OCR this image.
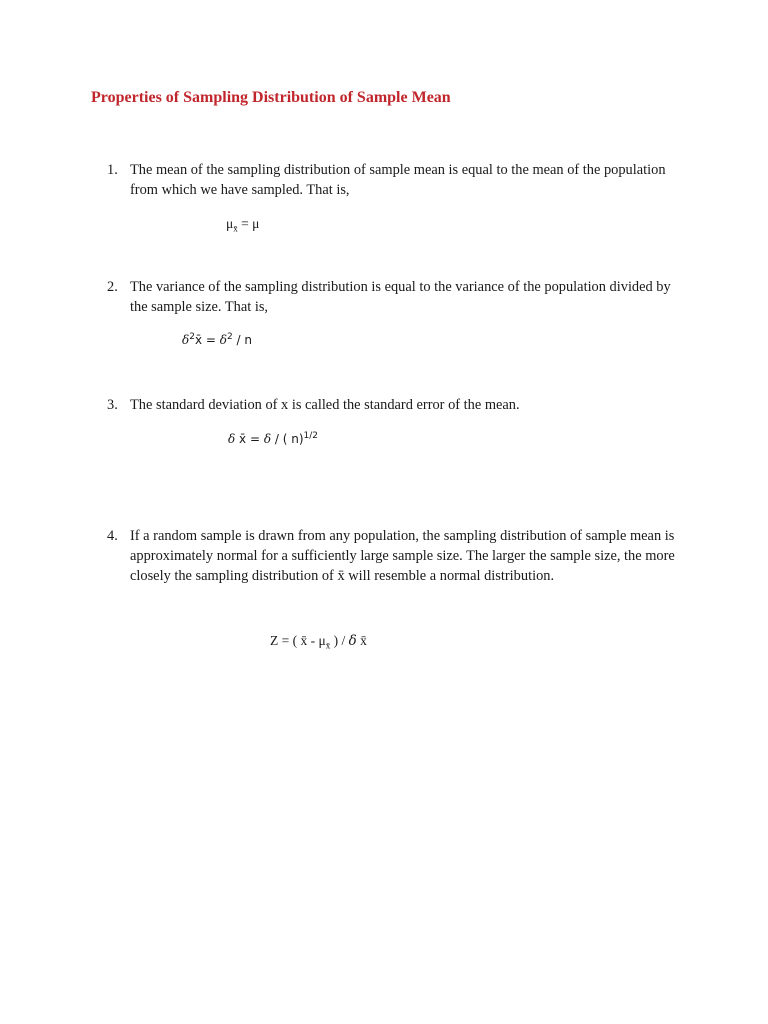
Properties of Sampling Distribution of Sample Mean
1. The mean of the sampling distribution of sample mean is equal to the mean of the population from which we have sampled. That is,
$\mu_{x̄} = \mu$
2. The variance of the sampling distribution is equal to the variance of the population divided by the sample size. That is,
$\delta^2x̄ = \delta^2 / n$
3. The standard deviation of x is called the standard error of the mean.
δ x̄ = δ / ( n)$^{1/2}$
4. If a random sample is drawn from any population, the sampling distribution of sample mean is approximately normal for a sufficiently large sample size. The larger the sample size, the more closely the sampling distribution of x̄ will resemble a normal distribution.
Z = ( x̄ - $\mu_{x̄}$ ) / δ x̄
